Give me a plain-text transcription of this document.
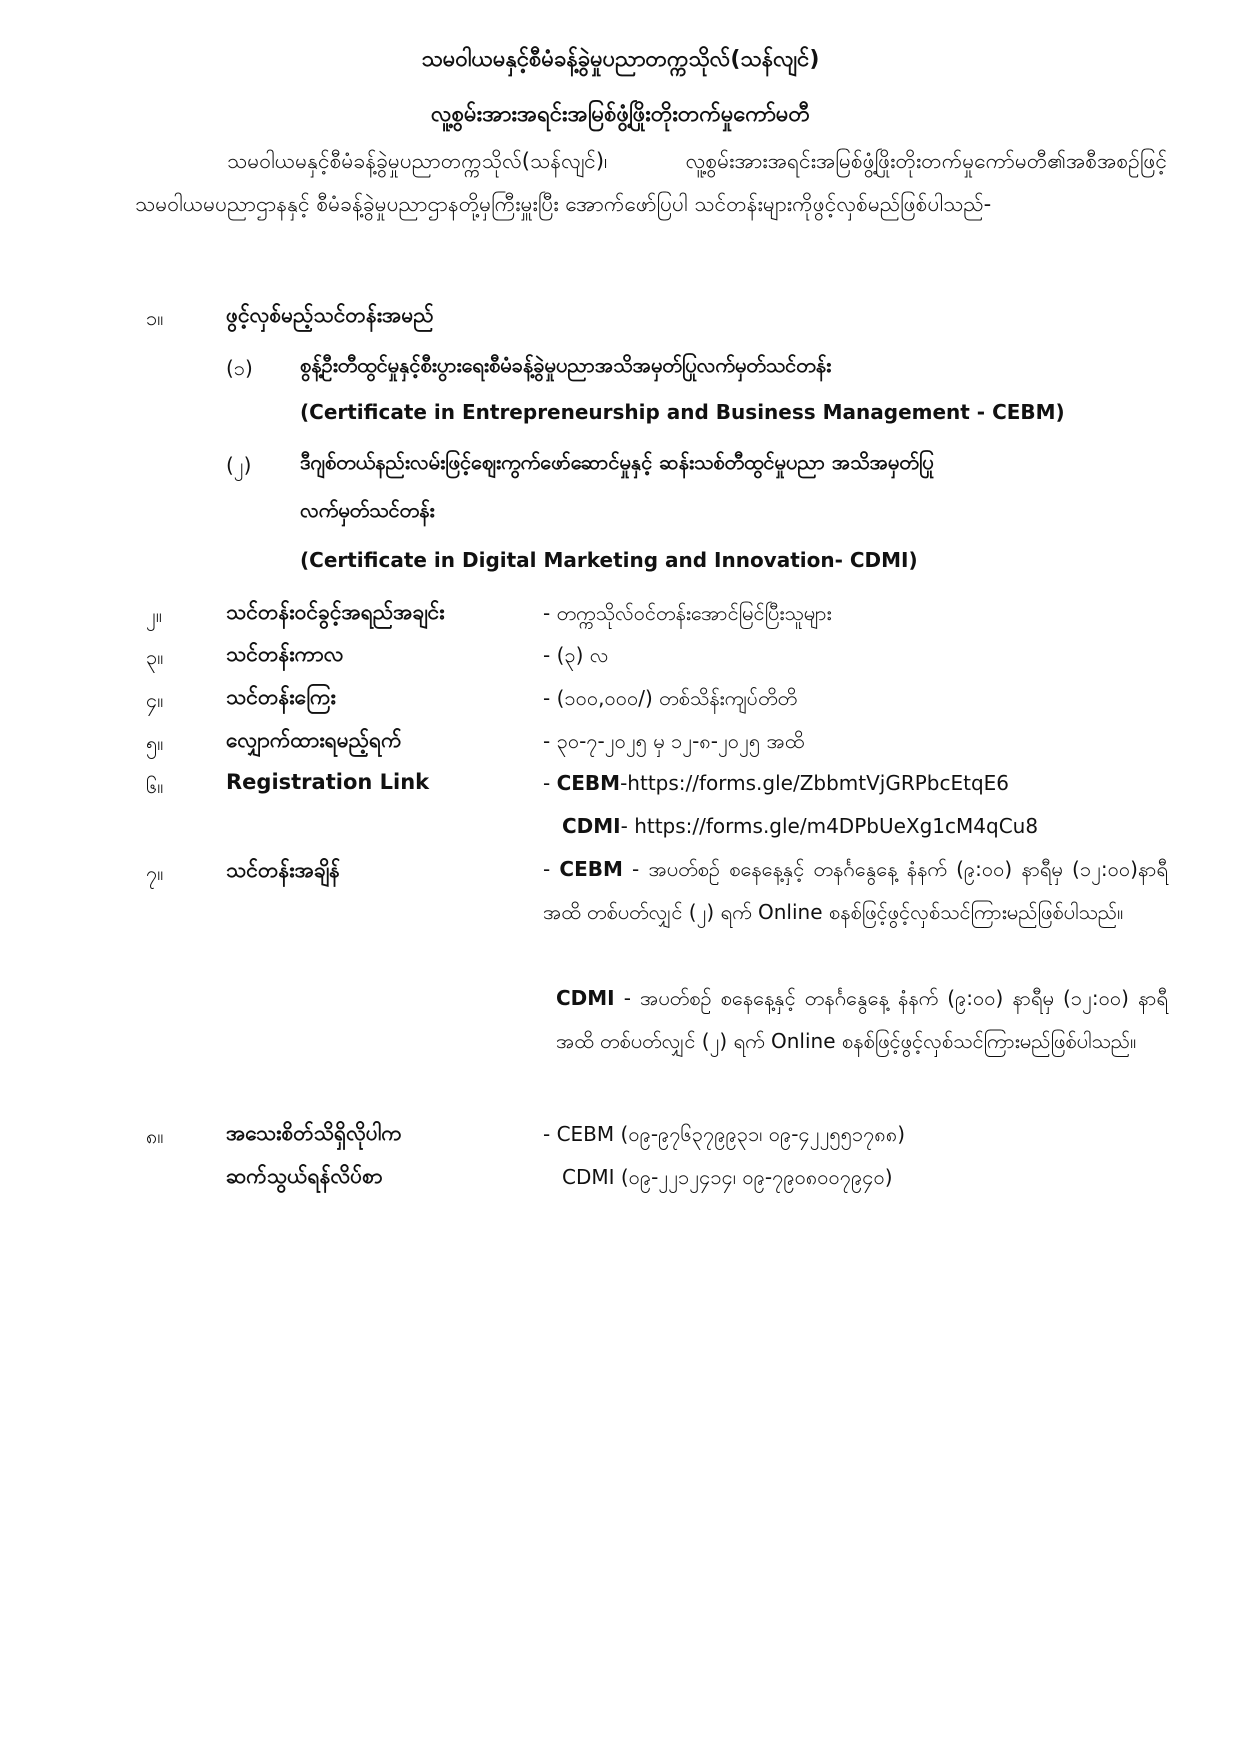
သမဝါယမနှင့်စီမံခန့်ခွဲမှုပညာတက္ကသိုလ်(သန်လျင်)
လူ့စွမ်းအားအရင်းအမြစ်ဖွံ့ဖြိုးတိုးတက်မှုကော်မတီ

သမဝါယမနှင့်စီမံခန့်ခွဲမှုပညာတက္ကသိုလ်(သန်လျင်)၊ လူ့စွမ်းအားအရင်းအမြစ်ဖွံ့ဖြိုးတိုးတက်မှုကော်မတီ၏အစီအစဉ်ဖြင့် သမဝါယမပညာဌာနနှင့် စီမံခန့်ခွဲမှုပညာဌာနတို့မှကြီးမှူးပြီး အောက်ဖော်ပြပါ သင်တန်းများကိုဖွင့်လှစ်မည်ဖြစ်ပါသည်-

၁။	ဖွင့်လှစ်မည့်သင်တန်းအမည်
(၁) စွန့်ဦးတီထွင်မှုနှင့်စီးပွားရေးစီမံခန့်ခွဲမှုပညာအသိအမှတ်ပြုလက်မှတ်သင်တန်း
(Certificate in Entrepreneurship and Business Management - CEBM)
(၂) ဒီဂျစ်တယ်နည်းလမ်းဖြင့်ဈေးကွက်ဖော်ဆောင်မှုနှင့် ဆန်းသစ်တီထွင်မှုပညာ အသိအမှတ်ပြု
လက်မှတ်သင်တန်း
(Certificate in Digital Marketing and Innovation- CDMI)
၂။	သင်တန်းဝင်ခွင့်အရည်အချင်း	- တက္ကသိုလ်ဝင်တန်းအောင်မြင်ပြီးသူများ
၃။	သင်တန်းကာလ	- (၃) လ
၄။	သင်တန်းကြေး	- (၁၀၀,၀၀၀/) တစ်သိန်းကျပ်တိတိ
၅။	လျှောက်ထားရမည့်ရက်	- ၃၀-၇-၂၀၂၅ မှ ၁၂-၈-၂၀၂၅ အထိ
၆။	Registration Link	- CEBM-https://forms.gle/ZbbmtVjGRPbcEtqE6
CDMI- https://forms.gle/m4DPbUeXg1cM4qCu8
၇။	သင်တန်းအချိန်	- CEBM - အပတ်စဉ် စနေနေ့နှင့် တနင်္ဂနွေနေ့ နံနက် (၉:၀၀) နာရီမှ (၁၂:၀၀)နာရီအထိ တစ်ပတ်လျှင် (၂) ရက် Online စနစ်ဖြင့်ဖွင့်လှစ်သင်ကြားမည်ဖြစ်ပါသည်။

CDMI - အပတ်စဉ် စနေနေ့နှင့် တနင်္ဂနွေနေ့ နံနက် (၉:၀၀) နာရီမှ (၁၂:၀၀) နာရီအထိ တစ်ပတ်လျှင် (၂) ရက် Online စနစ်ဖြင့်ဖွင့်လှစ်သင်ကြားမည်ဖြစ်ပါသည်။

၈။	အသေးစိတ်သိရှိလိုပါက
ဆက်သွယ်ရန်လိပ်စာ
- CEBM (၀၉-၉၇၆၃၇၉၉၃၁၊ ၀၉-၄၂၂၅၅၁၇၈၈)
CDMI (၀၉-၂၂၁၂၄၁၄၊ ၀၉-၇၉၀၈၀၀၇၉၄၀)
